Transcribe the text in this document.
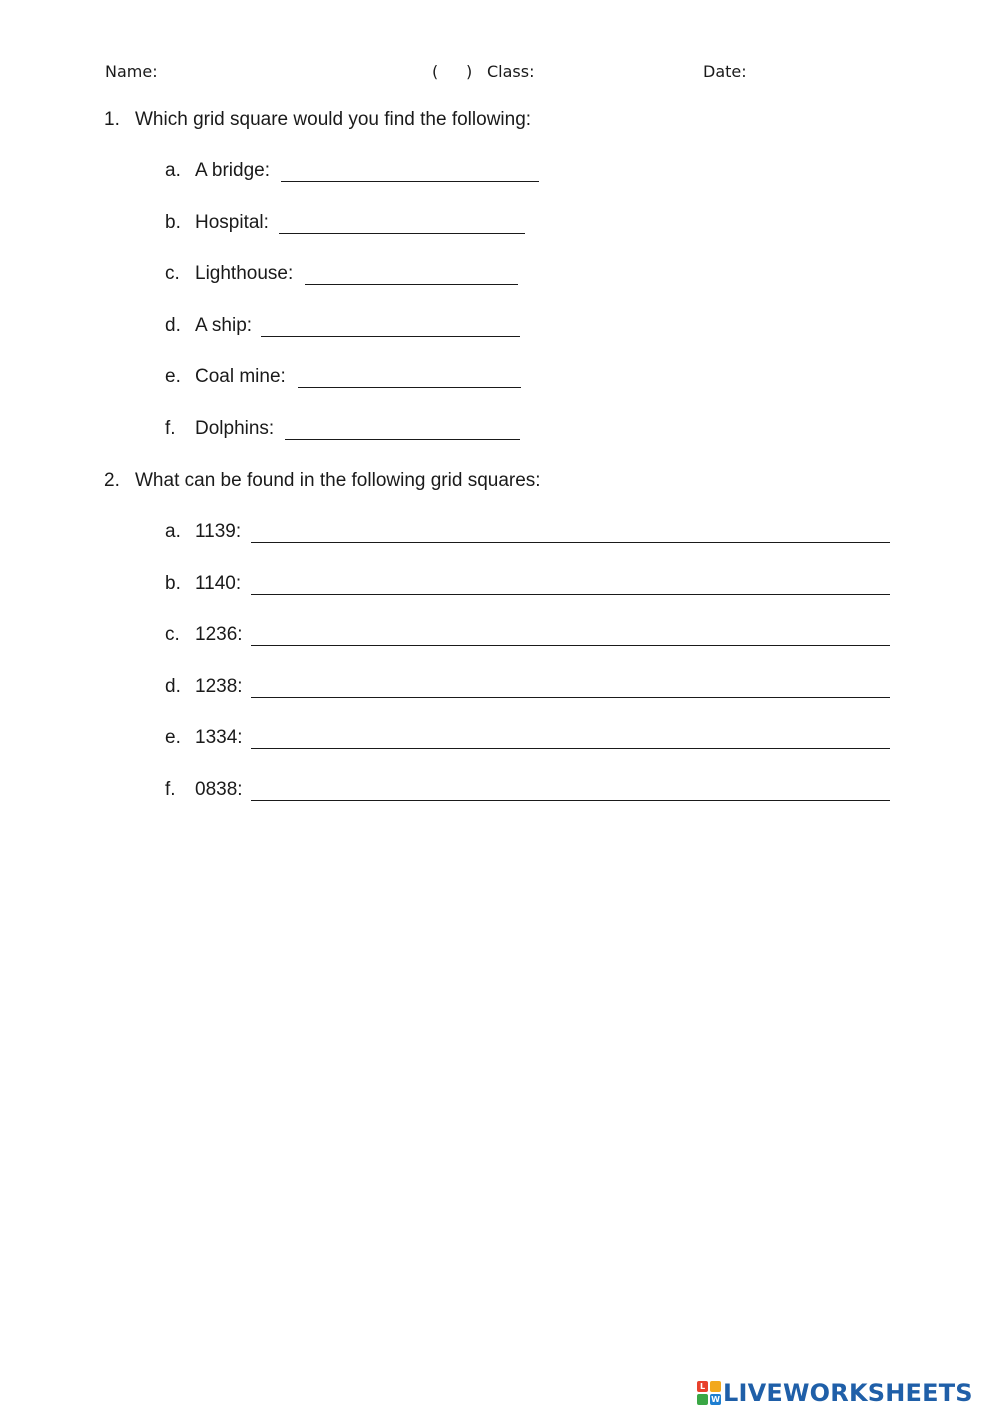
Name:	( ) Class:	Date:
1. Which grid square would you find the following:
a. A bridge:
b. Hospital:
c. Lighthouse:
d. A ship:
e. Coal mine:
f. Dolphins:
2. What can be found in the following grid squares:
a. 1139:
b. 1140:
c. 1236:
d. 1238:
e. 1334:
f. 0838:
L
W LIVEWORKSHEETS
